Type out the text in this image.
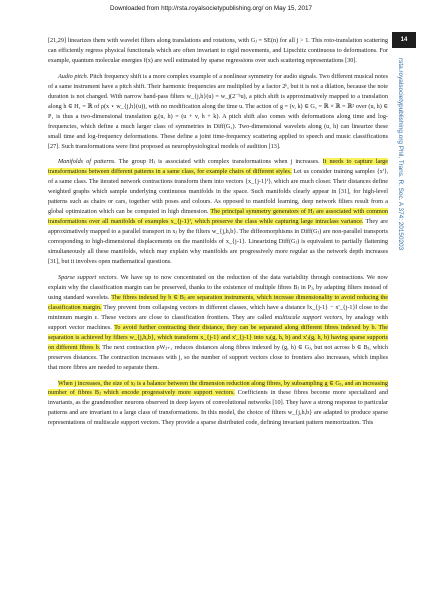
Downloaded from http://rsta.royalsocietypublishing.org/ on May 15, 2017
14
rsta.royalsocietypublishing.org Phil. Trans. R. Soc. A 374: 20150203

[21,29] linearizes them with wavelet filters along translations and rotations, with Gⱼ = SE(n) for all j > 1. This roto-translation scattering can efficiently regress physical functionals which are often invariant to rigid movements, and Lipschitz continuous to deformations. For example, quantum molecular energies f(x) are well estimated by sparse regressions over such scattering representations [30].

Audio pitch. Pitch frequency shift is a more complex example of a nonlinear symmetry for audio signals. Two different musical notes of a same instrument have a pitch shift. Their harmonic frequencies are multiplied by a factor 2ʰ, but it is not a dilation, because the note duration is not changed. With narrow band-pass filters w_{j,h}(u) = w_j(2⁻ʰu), a pitch shift is approximatively mapped to a translation along h ∈ H₁ = ℝ of ρ(x ⋆ w_{j,h}(u)), with no modification along the time u. The action of g = (v, k) ∈ G₁ = ℝ × ℝ = ℝ² over (u, h) ∈ P₁ is thus a two-dimensional translation g.(u, h) = (u + v, h + k). A pitch shift also comes with deformations along time and log-frequencies, which define a much larger class of symmetries in Diff(G₁). Two-dimensional wavelets along (u, h) can linearize these small time and log-frequency deformations. These define a joint time-frequency scattering applied to speech and music classifications [27]. Such transformations were first proposed as neurophysiological models of audition [13].

Manifolds of patterns. The group Hⱼ is associated with complex transformations when j increases. It needs to capture large transformations between different patterns in a same class, for example chairs of different styles. Let us consider training samples {xⁱ}ᵢ of a same class. The iterated network contractions transform them into vectors {x_{j-1}ⁱ}ᵢ which are much closer. Their distances define weighted graphs which sample underlying continuous manifolds in the space. Such manifolds clearly appear in [31], for high-level patterns such as chairs or cars, together with poses and colours. As opposed to manifold learning, deep network filters result from a global optimization which can be computed in high dimension. The principal symmetry generators of Hⱼ are associated with common transformations over all manifolds of examples x_{j-1}ⁱ, which preserve the class while capturing large intraclass variance. They are approximatively mapped to a parallel transport in xⱼ by the filters w_{j,h,b}. The diffeomorphisms in Diff(Gⱼ) are non-parallel transports corresponding to high-dimensional displacements on the manifolds of x_{j-1}. Linearizing Diff(Gⱼ) is equivalent to partially flattening simultaneously all these manifolds, which may explain why manifolds are progressively more regular as the network depth increases [31], but it involves open mathematical questions.

Sparse support vectors. We have up to now concentrated on the reduction of the data variability through contractions. We now explain why the classification margin can be preserved, thanks to the existence of multiple fibres Bⱼ in Pⱼ, by adapting filters instead of using standard wavelets. The fibres indexed by b ∈ Bⱼ are separation instruments, which increase dimensionality to avoid reducing the classification margin. They prevent from collapsing vectors in different classes, which have a distance ‖x_{j-1} − x'_{j-1}‖ close to the minimum margin ε. These vectors are close to classification frontiers. They are called multiscale support vectors, by analogy with support vector machines. To avoid further contracting their distance, they can be separated along different fibres indexed by b. The separation is achieved by filters w_{j,h,b}, which transform x_{j-1} and x'_{j-1} into xⱼ(g, h, b) and x'ⱼ(g, h, b) having sparse supports on different fibres b. The next contraction ρWⱼ₊₁ reduces distances along fibres indexed by (g, h) ∈ Gⱼ, but not across b ∈ Bⱼ, which preserves distances. The contraction increases with j, so the number of support vectors close to frontiers also increases, which implies that more fibres are needed to separate them.

When j increases, the size of xⱼ is a balance between the dimension reduction along fibres, by subsampling g ∈ Gⱼ, and an increasing number of fibres Bⱼ which encode progressively more support vectors. Coefficients in these fibres become more specialized and invariants, as the grandmother neurons observed in deep layers of convolutional networks [10]. They have a strong response to particular patterns and are invariant to a large class of transformations. In this model, the choice of filters w_{j,h,b} are adapted to produce sparse representations of multiscale support vectors. They provide a sparse distributed code, defining invariant pattern memorization. This
